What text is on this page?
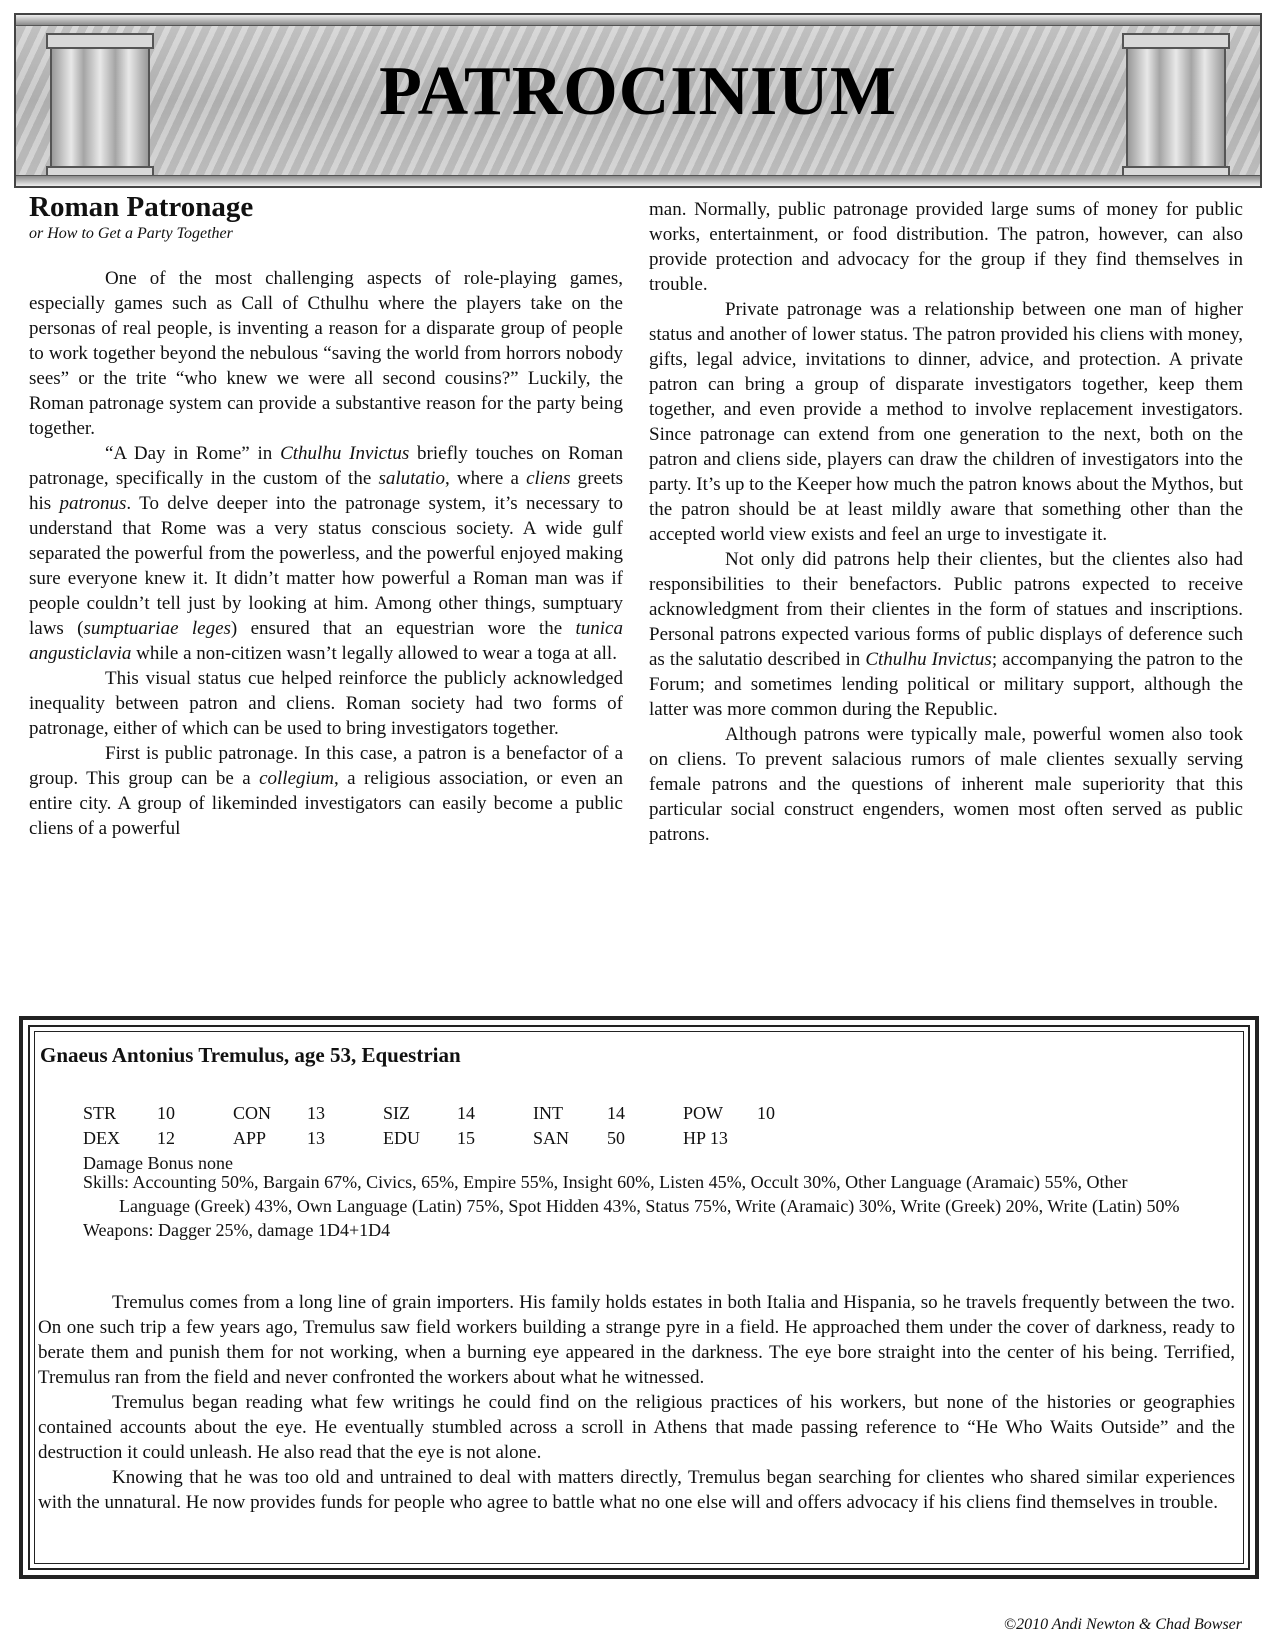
PATROCINIUM
Roman Patronage
or How to Get a Party Together

One of the most challenging aspects of role-playing games, especially games such as Call of Cthulhu where the players take on the personas of real people, is inventing a reason for a disparate group of people to work together beyond the nebulous “saving the world from horrors nobody sees” or the trite “who knew we were all second cousins?” Luckily, the Roman patronage system can provide a substantive reason for the party being together.

“A Day in Rome” in Cthulhu Invictus briefly touches on Roman patronage, specifically in the custom of the salutatio, where a cliens greets his patronus. To delve deeper into the patronage system, it’s necessary to understand that Rome was a very status conscious society. A wide gulf separated the powerful from the powerless, and the powerful enjoyed making sure everyone knew it. It didn’t matter how powerful a Roman man was if people couldn’t tell just by looking at him. Among other things, sumptuary laws (sumptuariae leges) ensured that an equestrian wore the tunica angusticlavia while a non-citizen wasn’t legally allowed to wear a toga at all.

This visual status cue helped reinforce the publicly acknowledged inequality between patron and cliens. Roman society had two forms of patronage, either of which can be used to bring investigators together.

First is public patronage. In this case, a patron is a benefactor of a group. This group can be a collegium, a religious association, or even an entire city. A group of likeminded investigators can easily become a public cliens of a powerful

man. Normally, public patronage provided large sums of money for public works, entertainment, or food distribution. The patron, however, can also provide protection and advocacy for the group if they find themselves in trouble.

Private patronage was a relationship between one man of higher status and another of lower status. The patron provided his cliens with money, gifts, legal advice, invitations to dinner, advice, and protection. A private patron can bring a group of disparate investigators together, keep them together, and even provide a method to involve replacement investigators. Since patronage can extend from one generation to the next, both on the patron and cliens side, players can draw the children of investigators into the party. It’s up to the Keeper how much the patron knows about the Mythos, but the patron should be at least mildly aware that something other than the accepted world view exists and feel an urge to investigate it.

Not only did patrons help their clientes, but the clientes also had responsibilities to their benefactors. Public patrons expected to receive acknowledgment from their clientes in the form of statues and inscriptions. Personal patrons expected various forms of public displays of deference such as the salutatio described in Cthulhu Invictus; accompanying the patron to the Forum; and sometimes lending political or military support, although the latter was more common during the Republic.

Although patrons were typically male, powerful women also took on cliens. To prevent salacious rumors of male clientes sexually serving female patrons and the questions of inherent male superiority that this particular social construct engenders, women most often served as public patrons.

Gnaeus Antonius Tremulus, age 53, Equestrian
STR	10	CON	13	SIZ	14	INT	14	POW	10
DEX	12	APP	13	EDU	15	SAN	50	HP 13	
Damage Bonus none

Skills: Accounting 50%, Bargain 67%, Civics, 65%, Empire 55%, Insight 60%, Listen 45%, Occult 30%, Other Language (Aramaic) 55%, Other Language (Greek) 43%, Own Language (Latin) 75%, Spot Hidden 43%, Status 75%, Write (Aramaic) 30%, Write (Greek) 20%, Write (Latin) 50%

Weapons: Dagger 25%, damage 1D4+1D4

Tremulus comes from a long line of grain importers. His family holds estates in both Italia and Hispania, so he travels frequently between the two. On one such trip a few years ago, Tremulus saw field workers building a strange pyre in a field. He approached them under the cover of darkness, ready to berate them and punish them for not working, when a burning eye appeared in the darkness. The eye bore straight into the center of his being. Terrified, Tremulus ran from the field and never confronted the workers about what he witnessed.

Tremulus began reading what few writings he could find on the religious practices of his workers, but none of the histories or geographies contained accounts about the eye. He eventually stumbled across a scroll in Athens that made passing reference to “He Who Waits Outside” and the destruction it could unleash. He also read that the eye is not alone.

Knowing that he was too old and untrained to deal with matters directly, Tremulus began searching for clientes who shared similar experiences with the unnatural. He now provides funds for people who agree to battle what no one else will and offers advocacy if his cliens find themselves in trouble.

©2010 Andi Newton & Chad Bowser
